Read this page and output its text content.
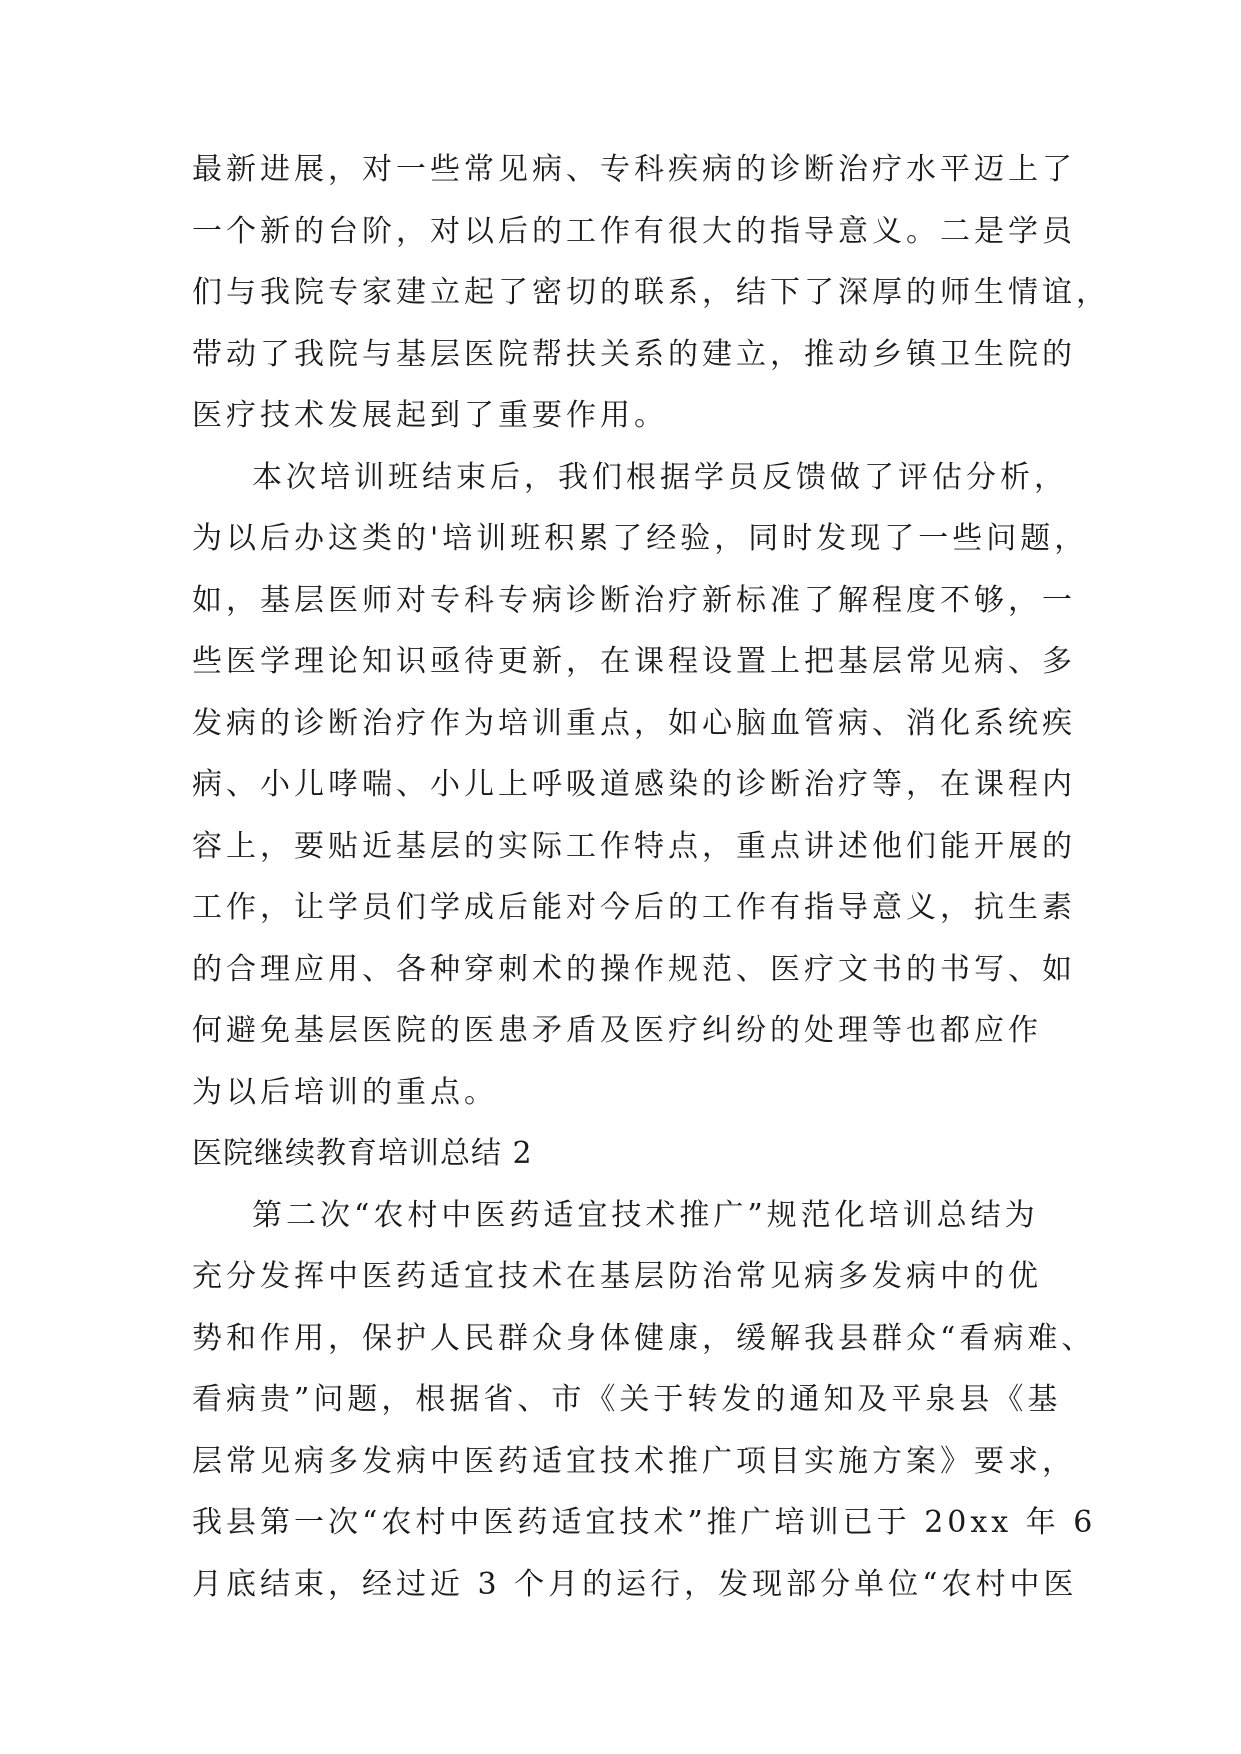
最新进展，对一些常见病、专科疾病的诊断治疗水平迈上了
一个新的台阶，对以后的工作有很大的指导意义。二是学员
们与我院专家建立起了密切的联系，结下了深厚的师生情谊，
带动了我院与基层医院帮扶关系的建立，推动乡镇卫生院的
医疗技术发展起到了重要作用。
本次培训班结束后，我们根据学员反馈做了评估分析，
为以后办这类的'培训班积累了经验，同时发现了一些问题，
如，基层医师对专科专病诊断治疗新标准了解程度不够，一
些医学理论知识亟待更新，在课程设置上把基层常见病、多
发病的诊断治疗作为培训重点，如心脑血管病、消化系统疾
病、小儿哮喘、小儿上呼吸道感染的诊断治疗等，在课程内
容上，要贴近基层的实际工作特点，重点讲述他们能开展的
工作，让学员们学成后能对今后的工作有指导意义，抗生素
的合理应用、各种穿刺术的操作规范、医疗文书的书写、如
何避免基层医院的医患矛盾及医疗纠纷的处理等也都应作
为以后培训的重点。
医院继续教育培训总结 2
第二次“农村中医药适宜技术推广”规范化培训总结为
充分发挥中医药适宜技术在基层防治常见病多发病中的优
势和作用，保护人民群众身体健康，缓解我县群众“看病难、
看病贵”问题，根据省、市《关于转发的通知及平泉县《基
层常见病多发病中医药适宜技术推广项目实施方案》要求，
我县第一次“农村中医药适宜技术”推广培训已于 20xx 年 6
月底结束，经过近 3 个月的运行，发现部分单位“农村中医
